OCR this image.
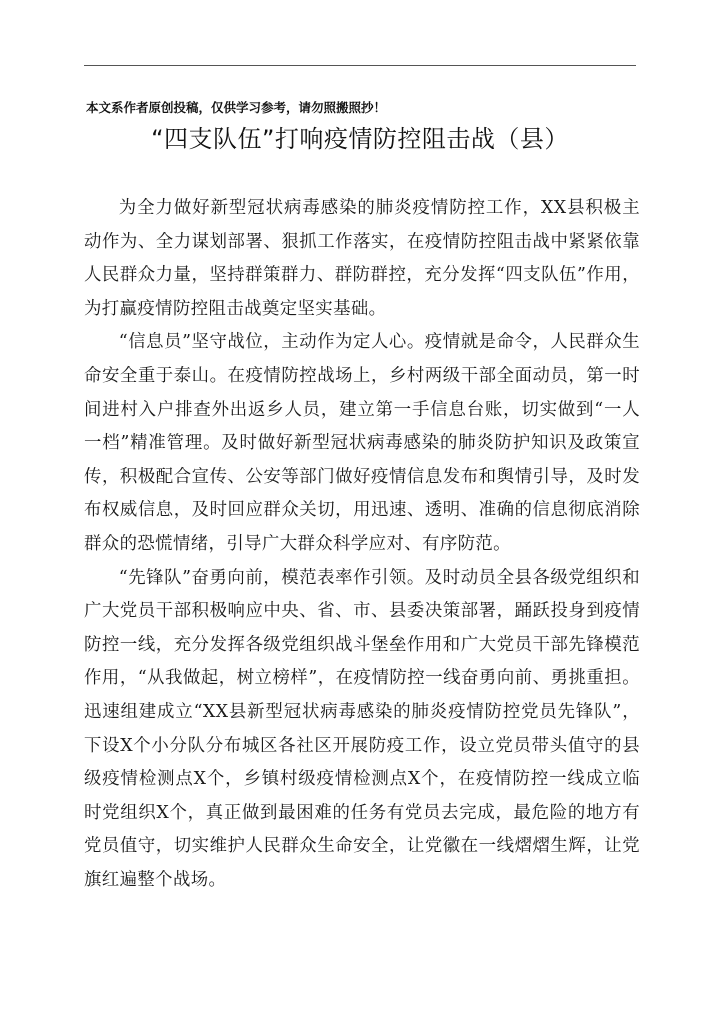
本文系作者原创投稿，仅供学习参考，请勿照搬照抄！
“四支队伍”打响疫情防控阻击战（县）

为全力做好新型冠状病毒感染的肺炎疫情防控工作，XX县积极主动作为、全力谋划部署、狠抓工作落实，在疫情防控阻击战中紧紧依靠人民群众力量，坚持群策群力、群防群控，充分发挥“四支队伍”作用，为打赢疫情防控阻击战奠定坚实基础。

“信息员”坚守战位，主动作为定人心。疫情就是命令，人民群众生命安全重于泰山。在疫情防控战场上，乡村两级干部全面动员，第一时间进村入户排查外出返乡人员，建立第一手信息台账，切实做到“一人一档”精准管理。及时做好新型冠状病毒感染的肺炎防护知识及政策宣传，积极配合宣传、公安等部门做好疫情信息发布和舆情引导，及时发布权威信息，及时回应群众关切，用迅速、透明、准确的信息彻底消除群众的恐慌情绪，引导广大群众科学应对、有序防范。

“先锋队”奋勇向前，模范表率作引领。及时动员全县各级党组织和广大党员干部积极响应中央、省、市、县委决策部署，踊跃投身到疫情防控一线，充分发挥各级党组织战斗堡垒作用和广大党员干部先锋模范作用，“从我做起，树立榜样”，在疫情防控一线奋勇向前、勇挑重担。迅速组建成立“XX县新型冠状病毒感染的肺炎疫情防控党员先锋队”，下设X个小分队分布城区各社区开展防疫工作，设立党员带头值守的县级疫情检测点X个，乡镇村级疫情检测点X个，在疫情防控一线成立临时党组织X个，真正做到最困难的任务有党员去完成，最危险的地方有党员值守，切实维护人民群众生命安全，让党徽在一线熠熠生辉，让党旗红遍整个战场。
